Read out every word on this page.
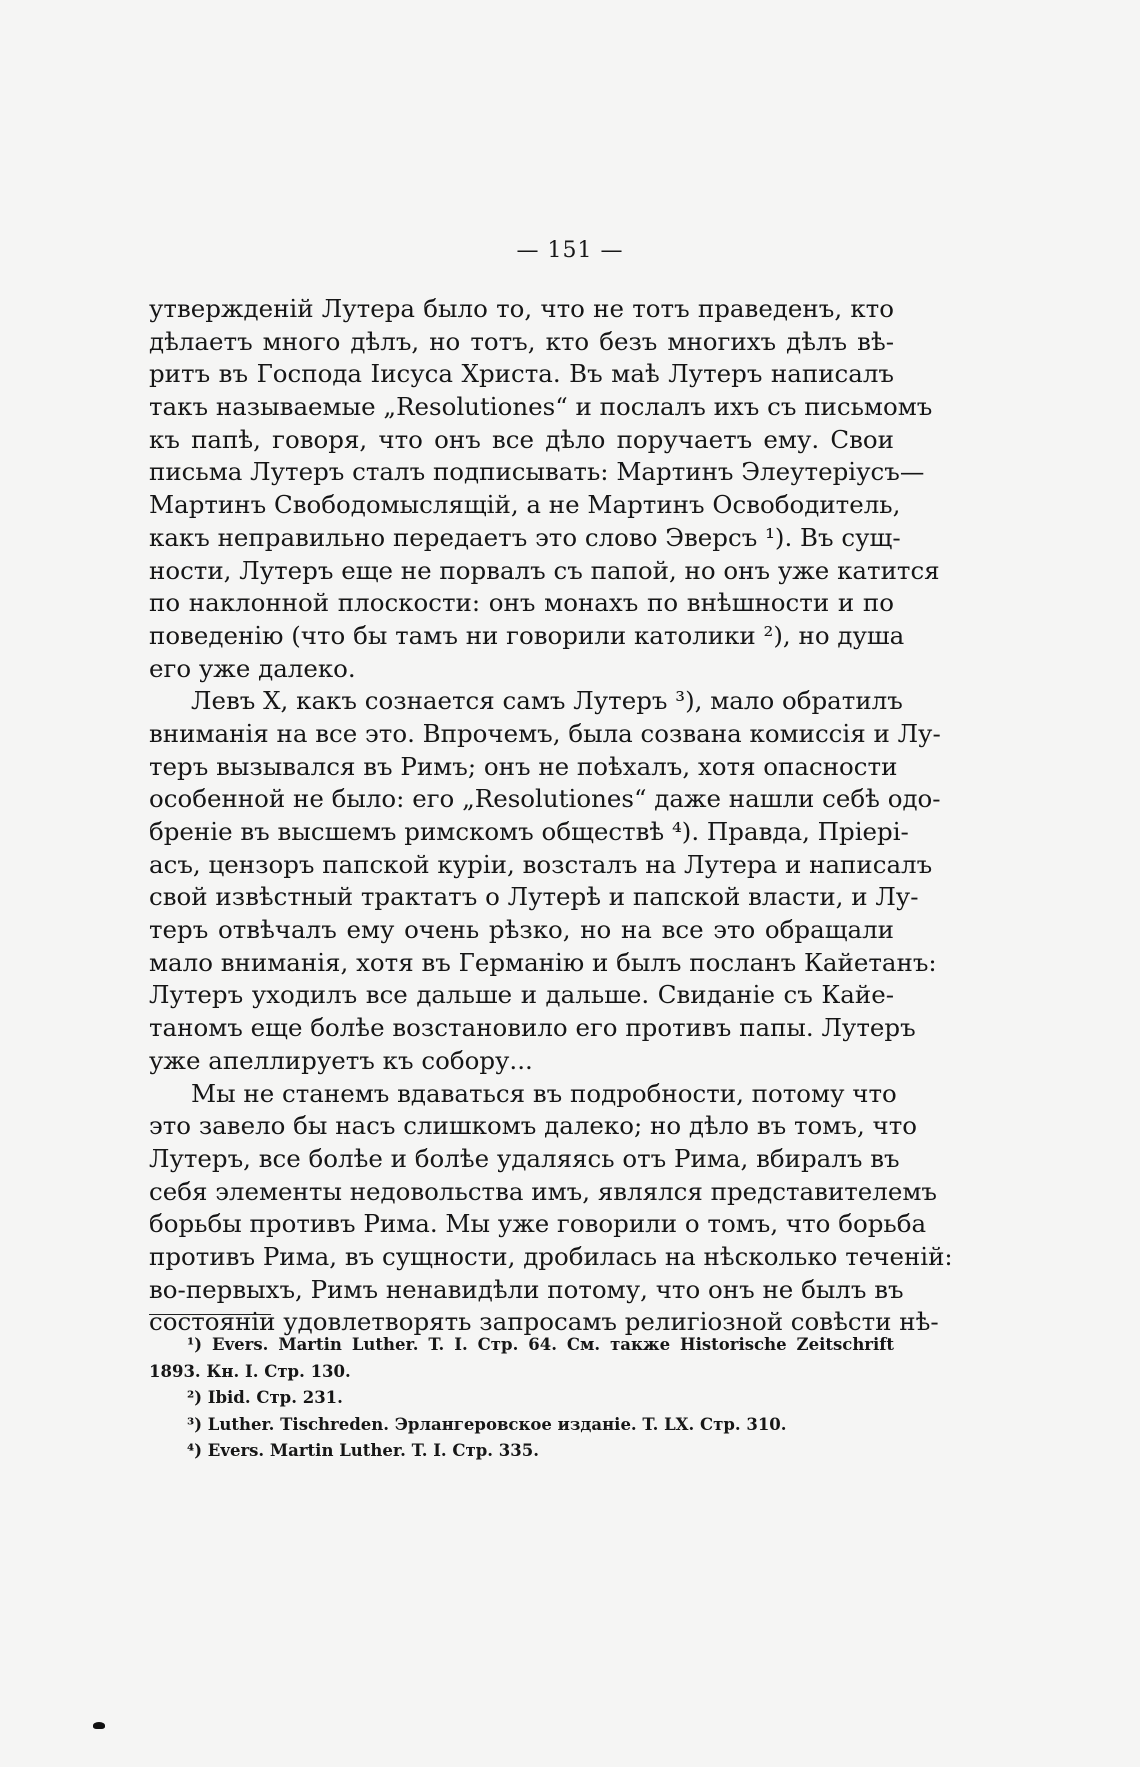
— 151 —
утвержденій Лутера было то, что не тотъ праведенъ, кто
дѣлаетъ много дѣлъ, но тотъ, кто безъ многихъ дѣлъ вѣ-
ритъ въ Господа Іисуса Христа. Въ маѣ Лутеръ написалъ
такъ называемые „Resolutiones“ и послалъ ихъ съ письмомъ
къ папѣ, говоря, что онъ все дѣло поручаетъ ему. Свои
письма Лутеръ сталъ подписывать: Мартинъ Элеутеріусъ—
Мартинъ Свободомыслящій, а не Мартинъ Освободитель,
какъ неправильно передаетъ это слово Эверсъ ¹). Въ сущ-
ности, Лутеръ еще не порвалъ съ папой, но онъ уже катится
по наклонной плоскости: онъ монахъ по внѣшности и по
поведенію (что бы тамъ ни говорили католики ²), но душа
его уже далеко.
Левъ X, какъ сознается самъ Лутеръ ³), мало обратилъ
вниманія на все это. Впрочемъ, была созвана комиссія и Лу-
теръ вызывался въ Римъ; онъ не поѣхалъ, хотя опасности
особенной не было: его „Resolutiones“ даже нашли себѣ одо-
бреніе въ высшемъ римскомъ обществѣ ⁴). Правда, Пріері-
асъ, цензоръ папской куріи, возсталъ на Лутера и написалъ
свой извѣстный трактатъ о Лутерѣ и папской власти, и Лу-
теръ отвѣчалъ ему очень рѣзко, но на все это обращали
мало вниманія, хотя въ Германію и былъ посланъ Кайетанъ:
Лутеръ уходилъ все дальше и дальше. Свиданіе съ Кайе-
таномъ еще болѣе возстановило его противъ папы. Лутеръ
уже апеллируетъ къ собору...
Мы не станемъ вдаваться въ подробности, потому что
это завело бы насъ слишкомъ далеко; но дѣло въ томъ, что
Лутеръ, все болѣе и болѣе удаляясь отъ Рима, вбиралъ въ
себя элементы недовольства имъ, являлся представителемъ
борьбы противъ Рима. Мы уже говорили о томъ, что борьба
противъ Рима, въ сущности, дробилась на нѣсколько теченій:
во-первыхъ, Римъ ненавидѣли потому, что онъ не былъ въ
состояніи удовлетворять запросамъ религіозной совѣсти нѣ-
¹) Evers. Martin Luther. T. I. Стр. 64. См. также Historische Zeitschrift
1893. Кн. I. Стр. 130.
²) Ibid. Стр. 231.
³) Luther. Tischreden. Эрлангеровское изданіе. T. LX. Стр. 310.
⁴) Evers. Martin Luther. T. I. Стр. 335.
